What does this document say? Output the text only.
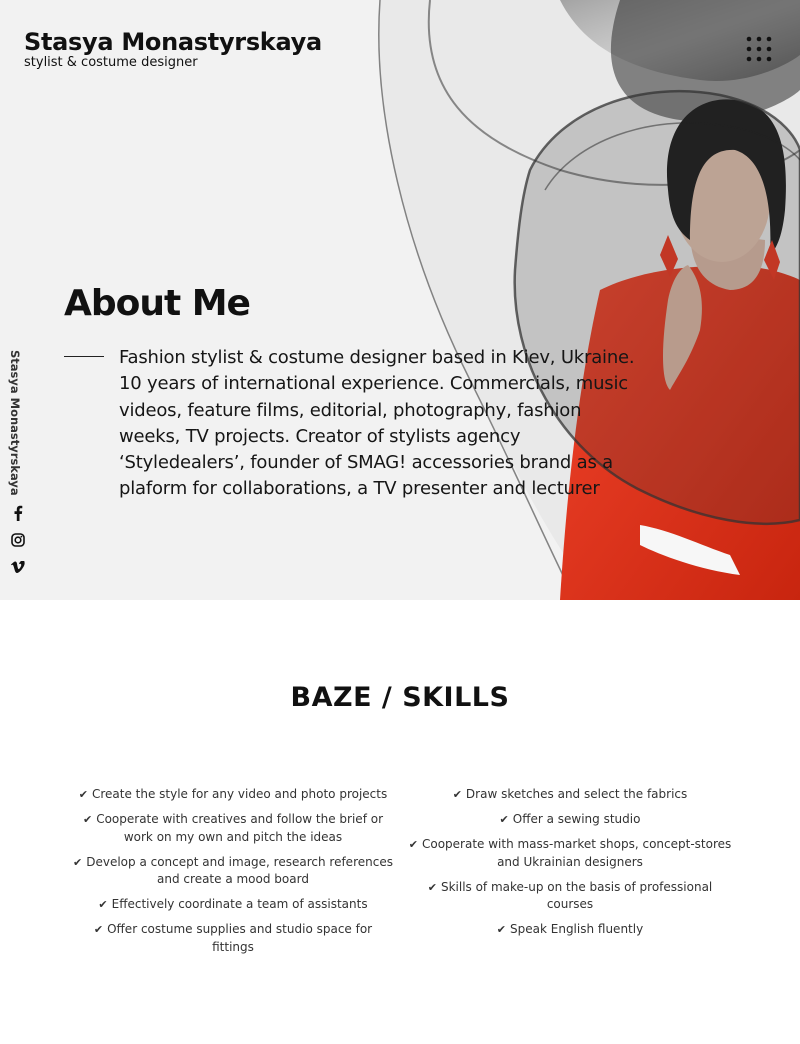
Stasya Monastyrskaya
stylist & costume designer
About Me

Fashion stylist & costume designer based in Kiev, Ukraine. 10 years of international experience. Commercials, music videos, feature films, editorial, photography, fashion weeks, TV projects. Creator of stylists agency ‘Styledealers’, founder of SMAG! accessories brand as a plaform for collaborations, a TV presenter and lecturer

Stasya Monastyrskaya
BAZE / SKILLS
✔ Create the style for any video and photo projects
✔ Cooperate with creatives and follow the brief or work on my own and pitch the ideas
✔ Develop a concept and image, research references and create a mood board
✔ Effectively coordinate a team of assistants
✔ Offer costume supplies and studio space for fittings
✔ Draw sketches and select the fabrics
✔ Offer a sewing studio
✔ Cooperate with mass-market shops, concept-stores and Ukrainian designers
✔ Skills of make-up on the basis of professional courses
✔ Speak English fluently
